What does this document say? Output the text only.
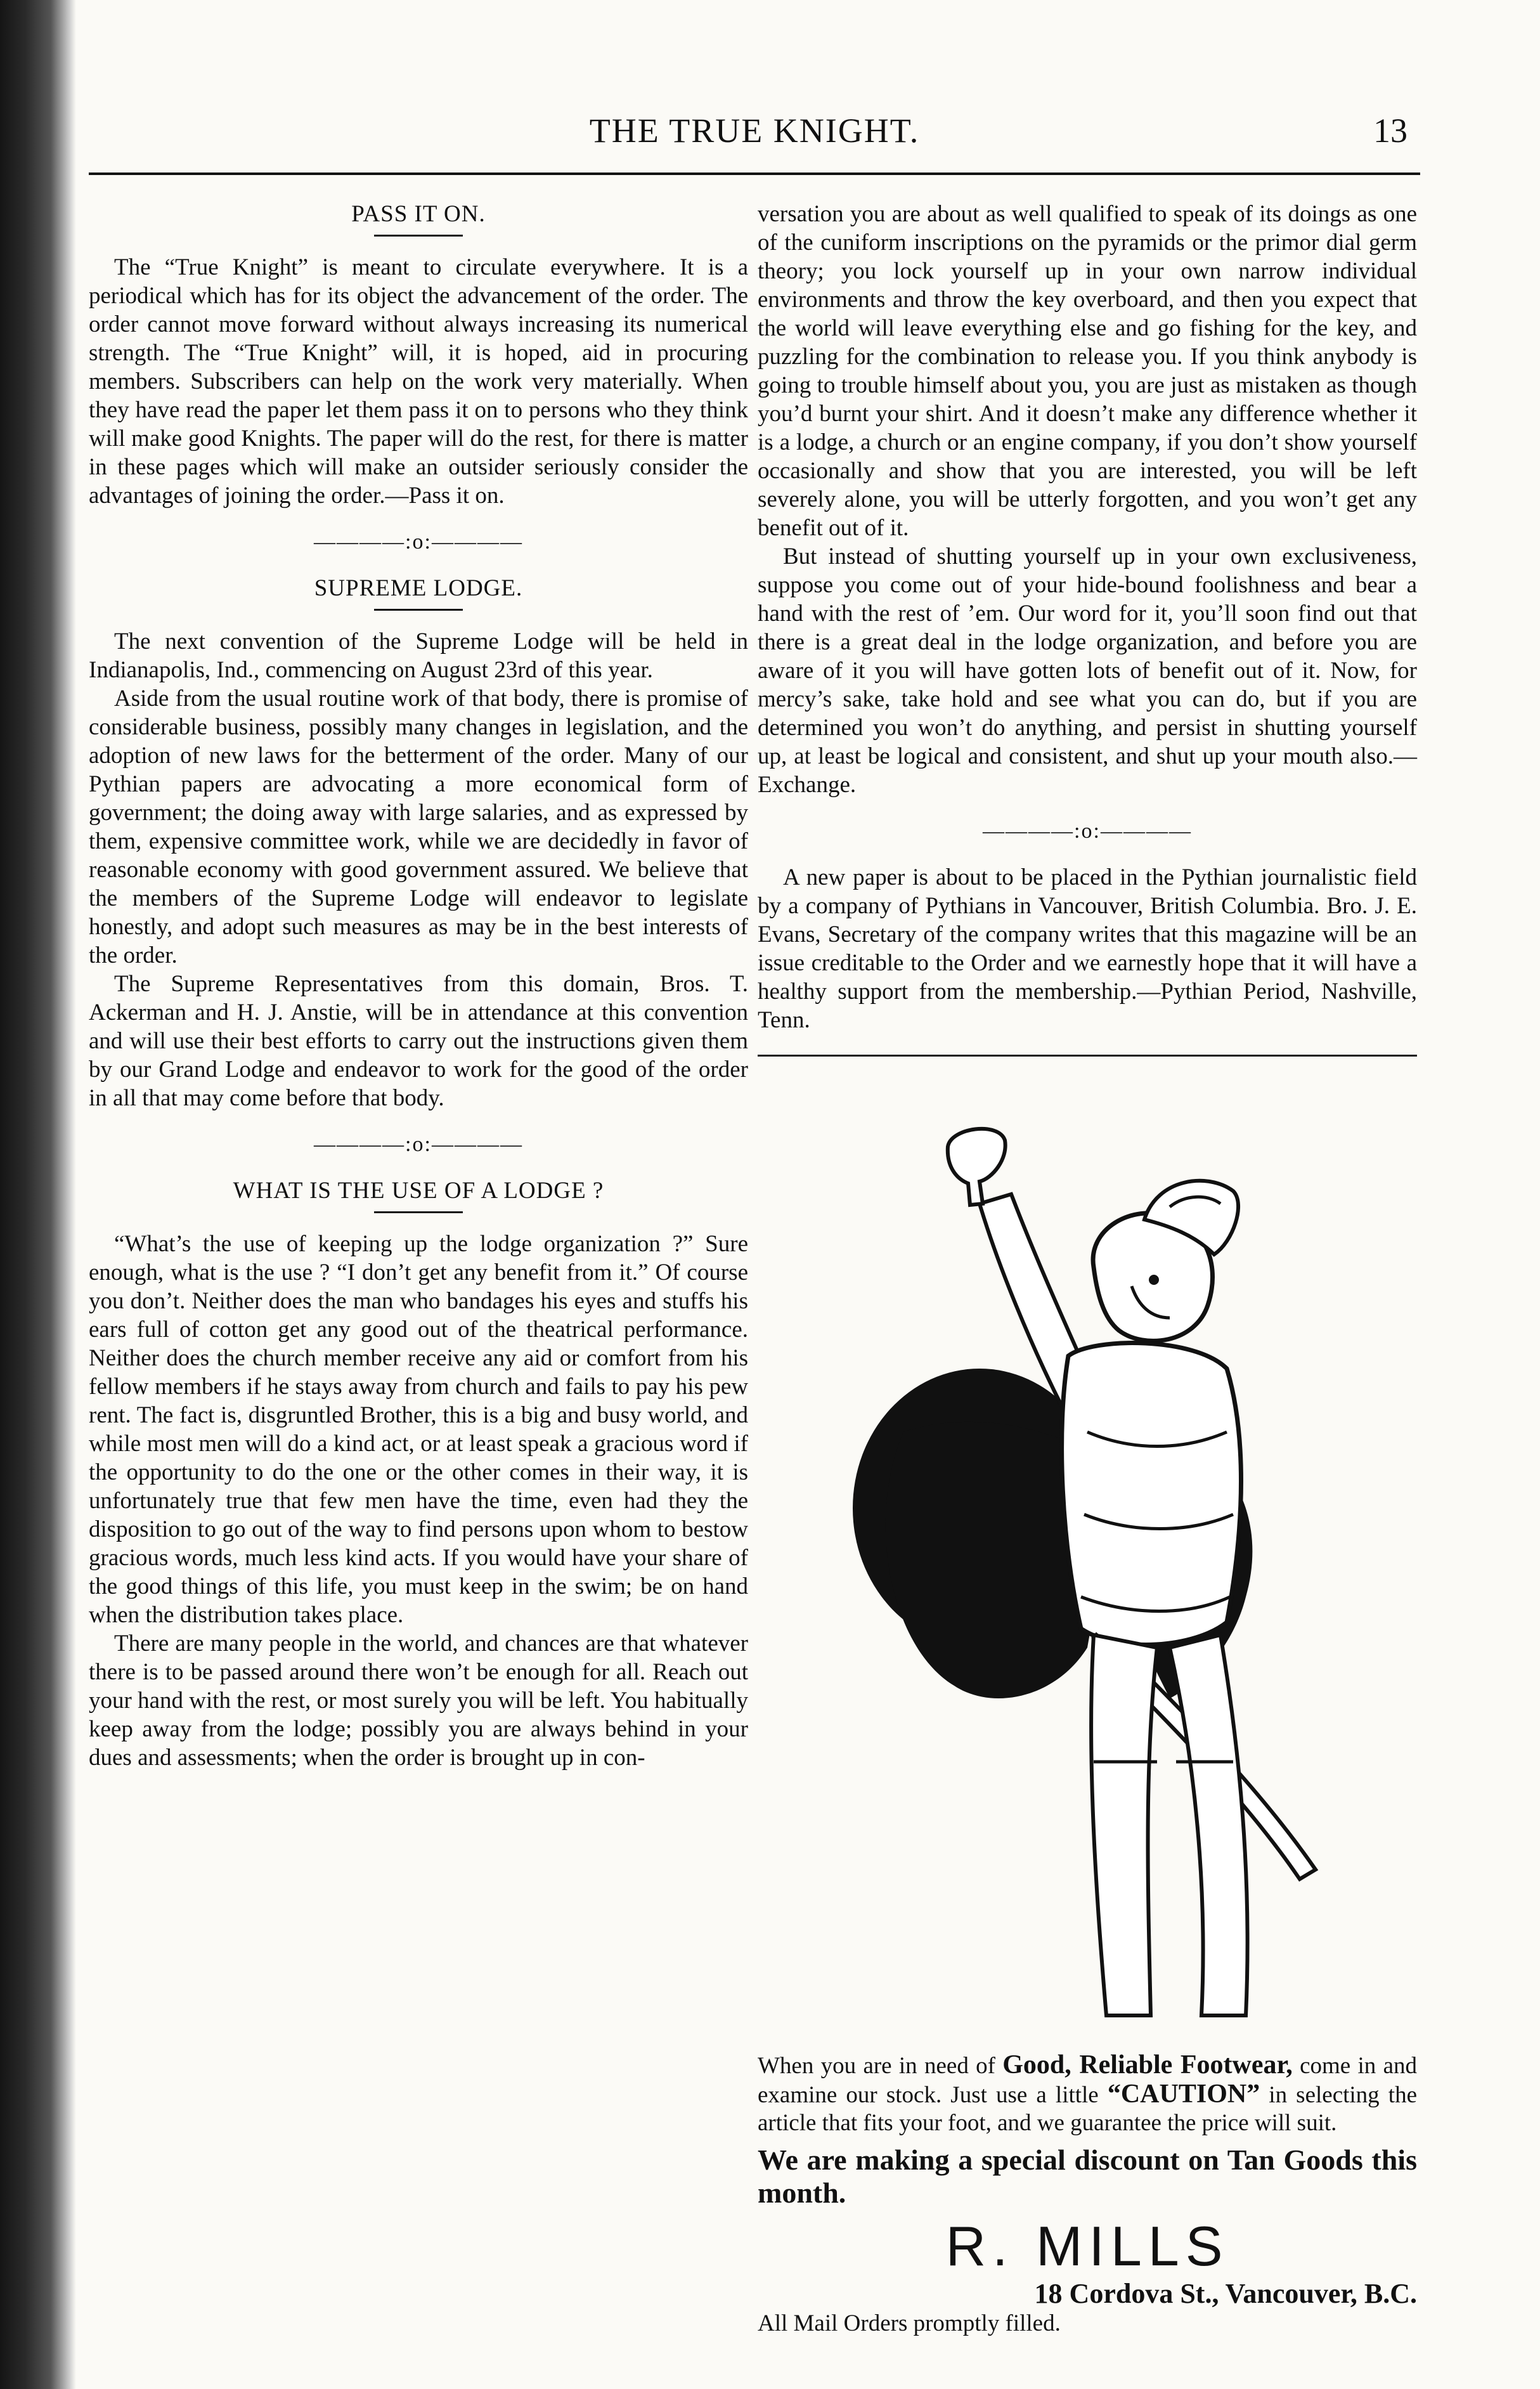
THE TRUE KNIGHT.	13
PASS IT ON.

The “True Knight” is meant to circulate everywhere. It is a periodical which has for its object the advancement of the order. The order cannot move forward without always increasing its numerical strength. The “True Knight” will, it is hoped, aid in procuring members. Subscribers can help on the work very materially. When they have read the paper let them pass it on to persons who they think will make good Knights. The paper will do the rest, for there is matter in these pages which will make an outsider seriously consider the advantages of joining the order.—Pass it on.

————:o:————
SUPREME LODGE.

The next convention of the Supreme Lodge will be held in Indianapolis, Ind., commencing on August 23rd of this year.

Aside from the usual routine work of that body, there is promise of considerable business, possibly many changes in legislation, and the adoption of new laws for the betterment of the order. Many of our Pythian papers are advocating a more economical form of government; the doing away with large salaries, and as expressed by them, expensive committee work, while we are decidedly in favor of reasonable economy with good government assured. We believe that the members of the Supreme Lodge will endeavor to legislate honestly, and adopt such measures as may be in the best interests of the order.

The Supreme Representatives from this domain, Bros. T. Ackerman and H. J. Anstie, will be in attendance at this convention and will use their best efforts to carry out the instructions given them by our Grand Lodge and endeavor to work for the good of the order in all that may come before that body.

————:o:————
WHAT IS THE USE OF A LODGE ?

“What’s the use of keeping up the lodge organization ?” Sure enough, what is the use ? “I don’t get any benefit from it.” Of course you don’t. Neither does the man who bandages his eyes and stuffs his ears full of cotton get any good out of the theatrical performance. Neither does the church member receive any aid or comfort from his fellow members if he stays away from church and fails to pay his pew rent. The fact is, disgruntled Brother, this is a big and busy world, and while most men will do a kind act, or at least speak a gracious word if the opportunity to do the one or the other comes in their way, it is unfortunately true that few men have the time, even had they the disposition to go out of the way to find persons upon whom to bestow gracious words, much less kind acts. If you would have your share of the good things of this life, you must keep in the swim; be on hand when the distribution takes place.

There are many people in the world, and chances are that whatever there is to be passed around there won’t be enough for all. Reach out your hand with the rest, or most surely you will be left. You habitually keep away from the lodge; possibly you are always behind in your dues and assessments; when the order is brought up in con-

versation you are about as well qualified to speak of its doings as one of the cuniform inscriptions on the pyramids or the primor dial germ theory; you lock yourself up in your own narrow individual environments and throw the key overboard, and then you expect that the world will leave everything else and go fishing for the key, and puzzling for the combination to release you. If you think anybody is going to trouble himself about you, you are just as mistaken as though you’d burnt your shirt. And it doesn’t make any difference whether it is a lodge, a church or an engine company, if you don’t show yourself occasionally and show that you are interested, you will be left severely alone, you will be utterly forgotten, and you won’t get any benefit out of it.

But instead of shutting yourself up in your own exclusiveness, suppose you come out of your hide-bound foolishness and bear a hand with the rest of ’em. Our word for it, you’ll soon find out that there is a great deal in the lodge organization, and before you are aware of it you will have gotten lots of benefit out of it. Now, for mercy’s sake, take hold and see what you can do, but if you are determined you won’t do anything, and persist in shutting yourself up, at least be logical and consistent, and shut up your mouth also.—Exchange.

————:o:————

A new paper is about to be placed in the Pythian journalistic field by a company of Pythians in Vancouver, British Columbia. Bro. J. E. Evans, Secretary of the company writes that this magazine will be an issue creditable to the Order and we earnestly hope that it will have a healthy support from the membership.—Pythian Period, Nashville, Tenn.

When you are in need of Good, Reliable Footwear, come in and examine our stock. Just use a little “CAUTION” in selecting the article that fits your foot, and we guarantee the price will suit.
We are making a special discount on Tan Goods this month.
R. MILLS
18 Cordova St., Vancouver, B.C.
All Mail Orders promptly filled.
